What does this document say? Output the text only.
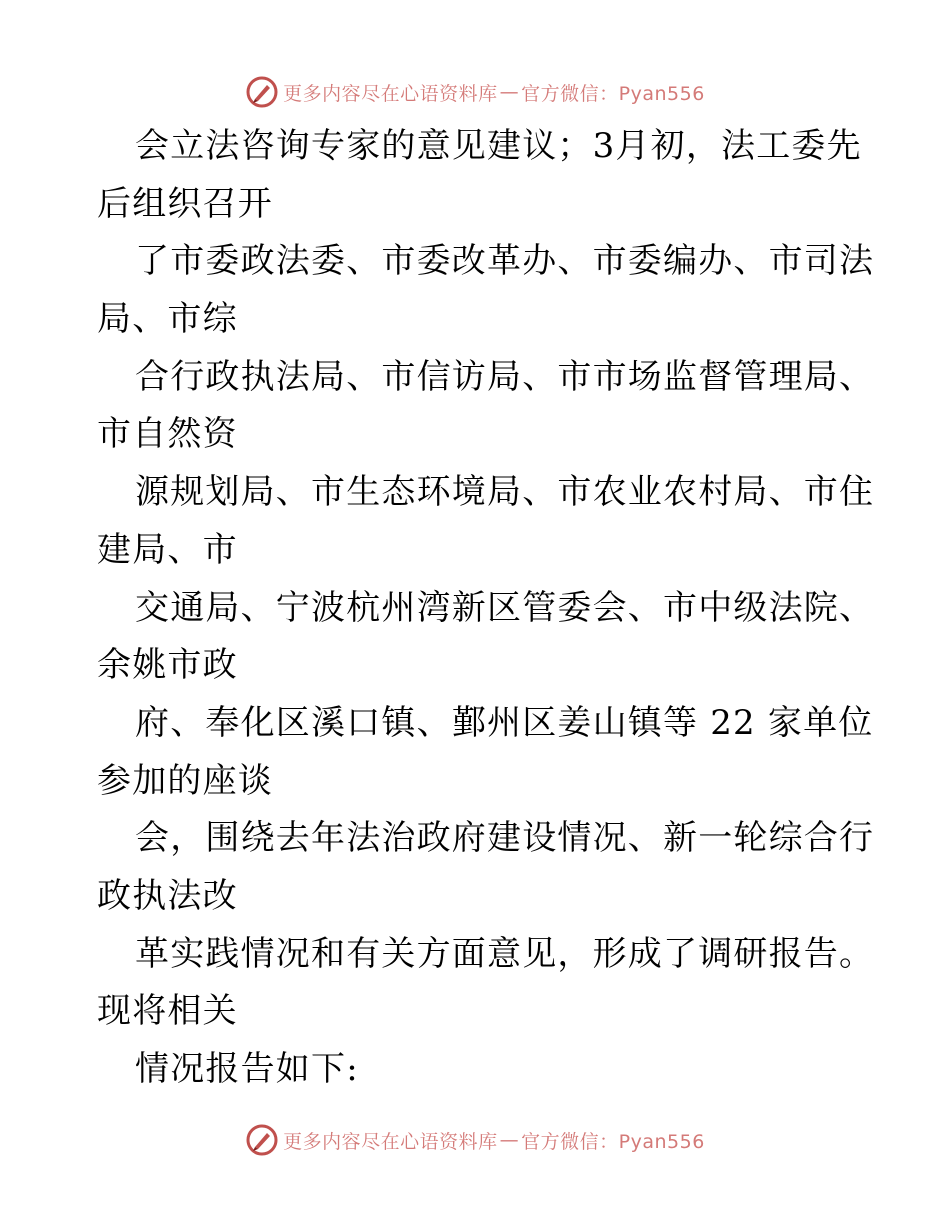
更多内容尽在心语资料库 — 官方微信：Pyan556
会立法咨询专家的意见建议；3月初，法工委先
后组织召开
了市委政法委、市委改革办、市委编办、市司法
局、市综
合行政执法局、市信访局、市市场监督管理局、
市自然资
源规划局、市生态环境局、市农业农村局、市住
建局、市
交通局、宁波杭州湾新区管委会、市中级法院、
余姚市政
府、奉化区溪口镇、鄞州区姜山镇等 22 家单位
参加的座谈
会，围绕去年法治政府建设情况、新一轮综合行
政执法改
革实践情况和有关方面意见，形成了调研报告。
现将相关
情况报告如下:
更多内容尽在心语资料库 — 官方微信：Pyan556
